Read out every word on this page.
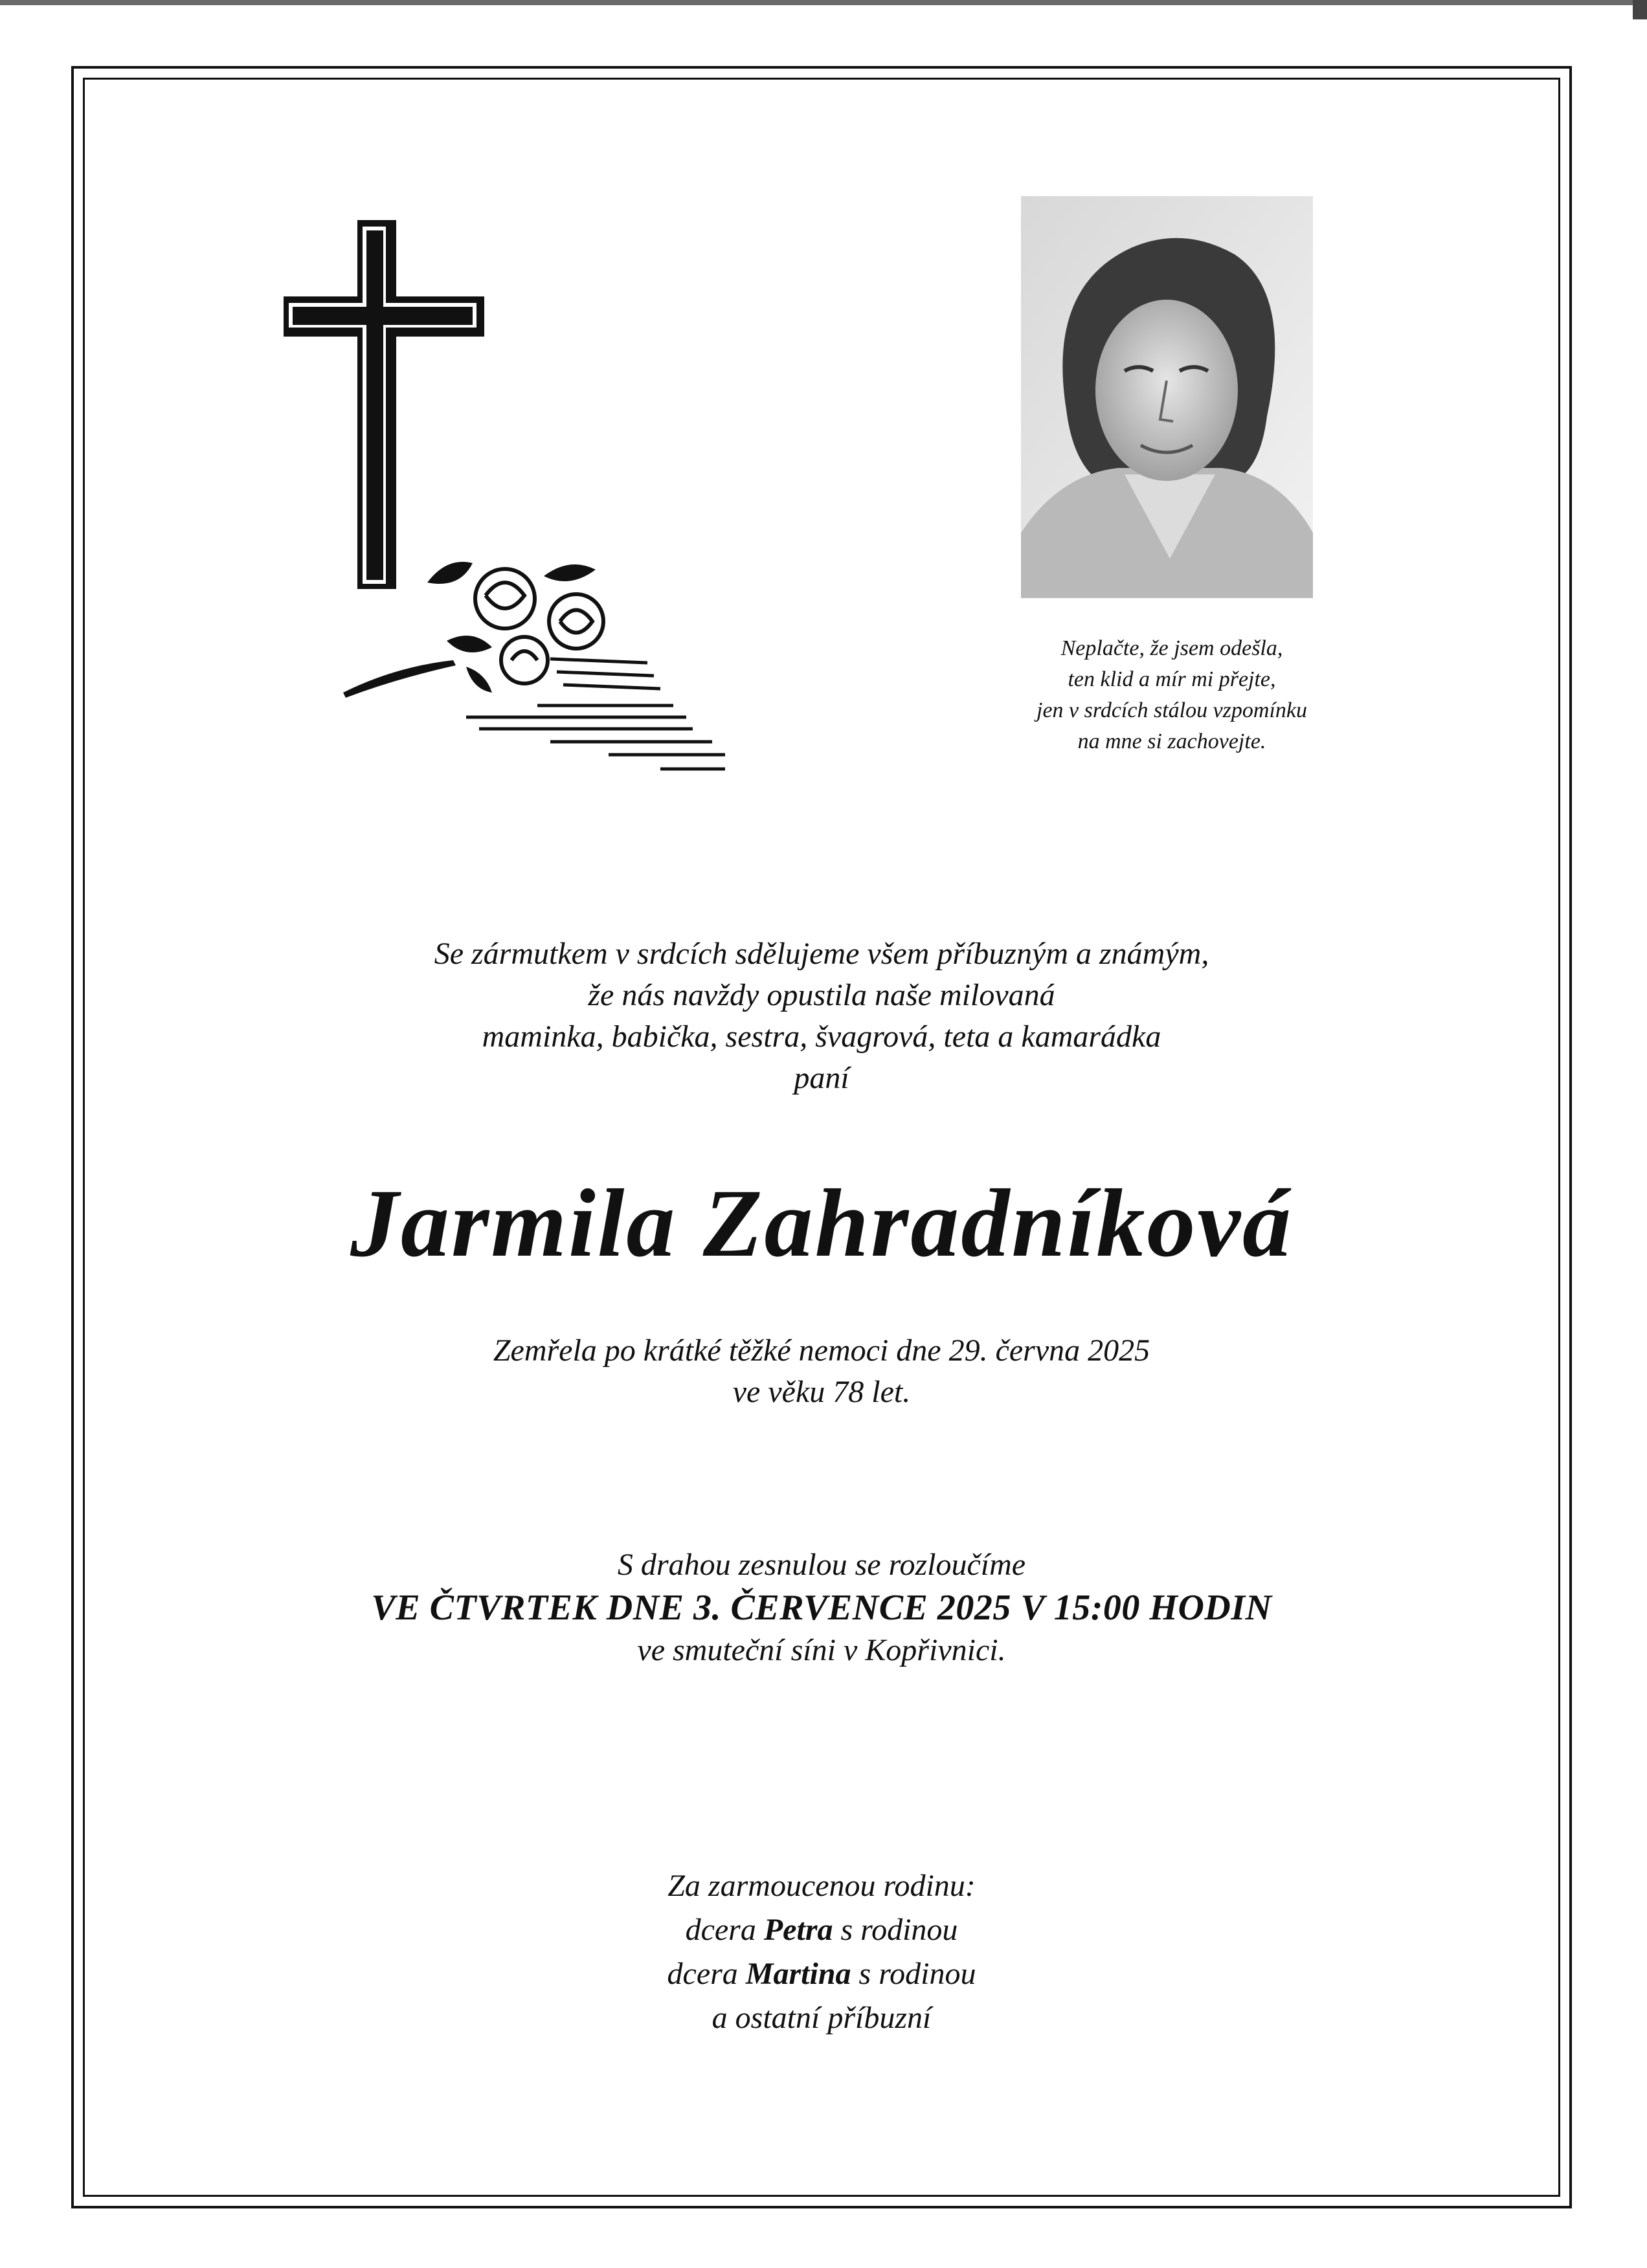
Neplačte, že jsem odešla,
ten klid a mír mi přejte,
jen v srdcích stálou vzpomínku
na mne si zachovejte.
Se zármutkem v srdcích sdělujeme všem příbuzným a známým,
že nás navždy opustila naše milovaná
maminka, babička, sestra, švagrová, teta a kamarádka
paní
Jarmila Zahradníková
Zemřela po krátké těžké nemoci dne 29. června 2025
ve věku 78 let.
S drahou zesnulou se rozloučíme
VE ČTVRTEK DNE 3. ČERVENCE 2025 V 15:00 HODIN
ve smuteční síni v Kopřivnici.
Za zarmoucenou rodinu:
dcera Petra s rodinou
dcera Martina s rodinou
a ostatní příbuzní
